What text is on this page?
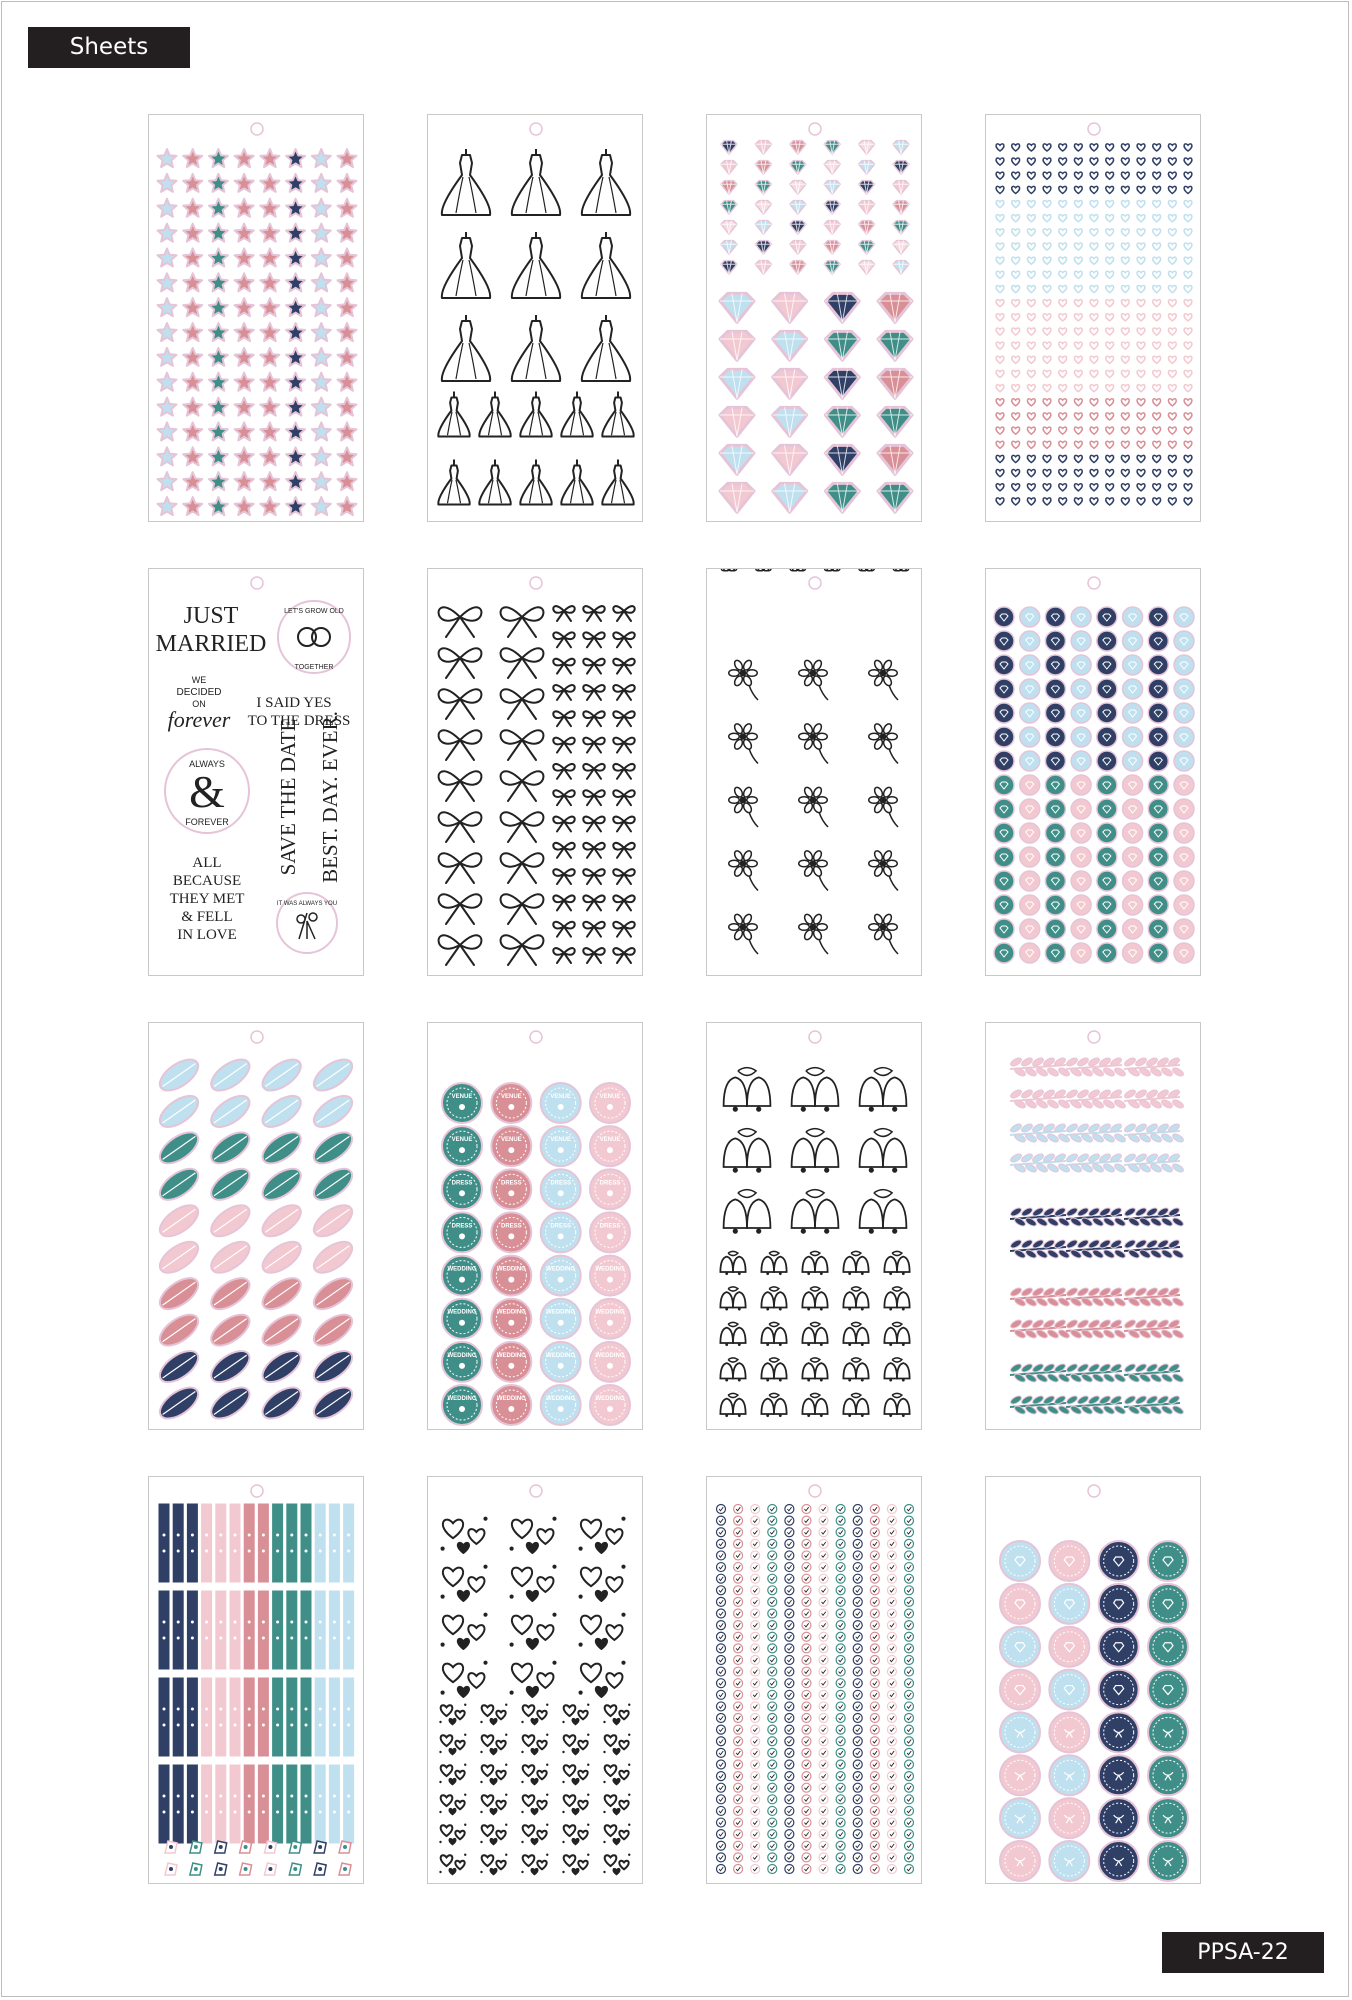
Sheets
JUST
MARRIED
LET'S GROW OLD
TOGETHER
WE
DECIDED
ON
forever
I SAID YES
TO THE DRESS
ALWAYS
&
FOREVER SAVE THE DATE BEST. DAY. EVER.
ALL
BECAUSE
THEY MET
& FELL
IN LOVE
IT WAS ALWAYS YOU
VENUE	VENUE	VENUE	VENUE
VENUE	VENUE	VENUE	VENUE
DRESS	DRESS	DRESS	DRESS
DRESS	DRESS	DRESS	DRESS
WEDDING	WEDDING	WEDDING	WEDDING
WEDDING	WEDDING	WEDDING	WEDDING
WEDDING	WEDDING	WEDDING	WEDDING
WEDDING	WEDDING	WEDDING	WEDDING
PPSA-22
